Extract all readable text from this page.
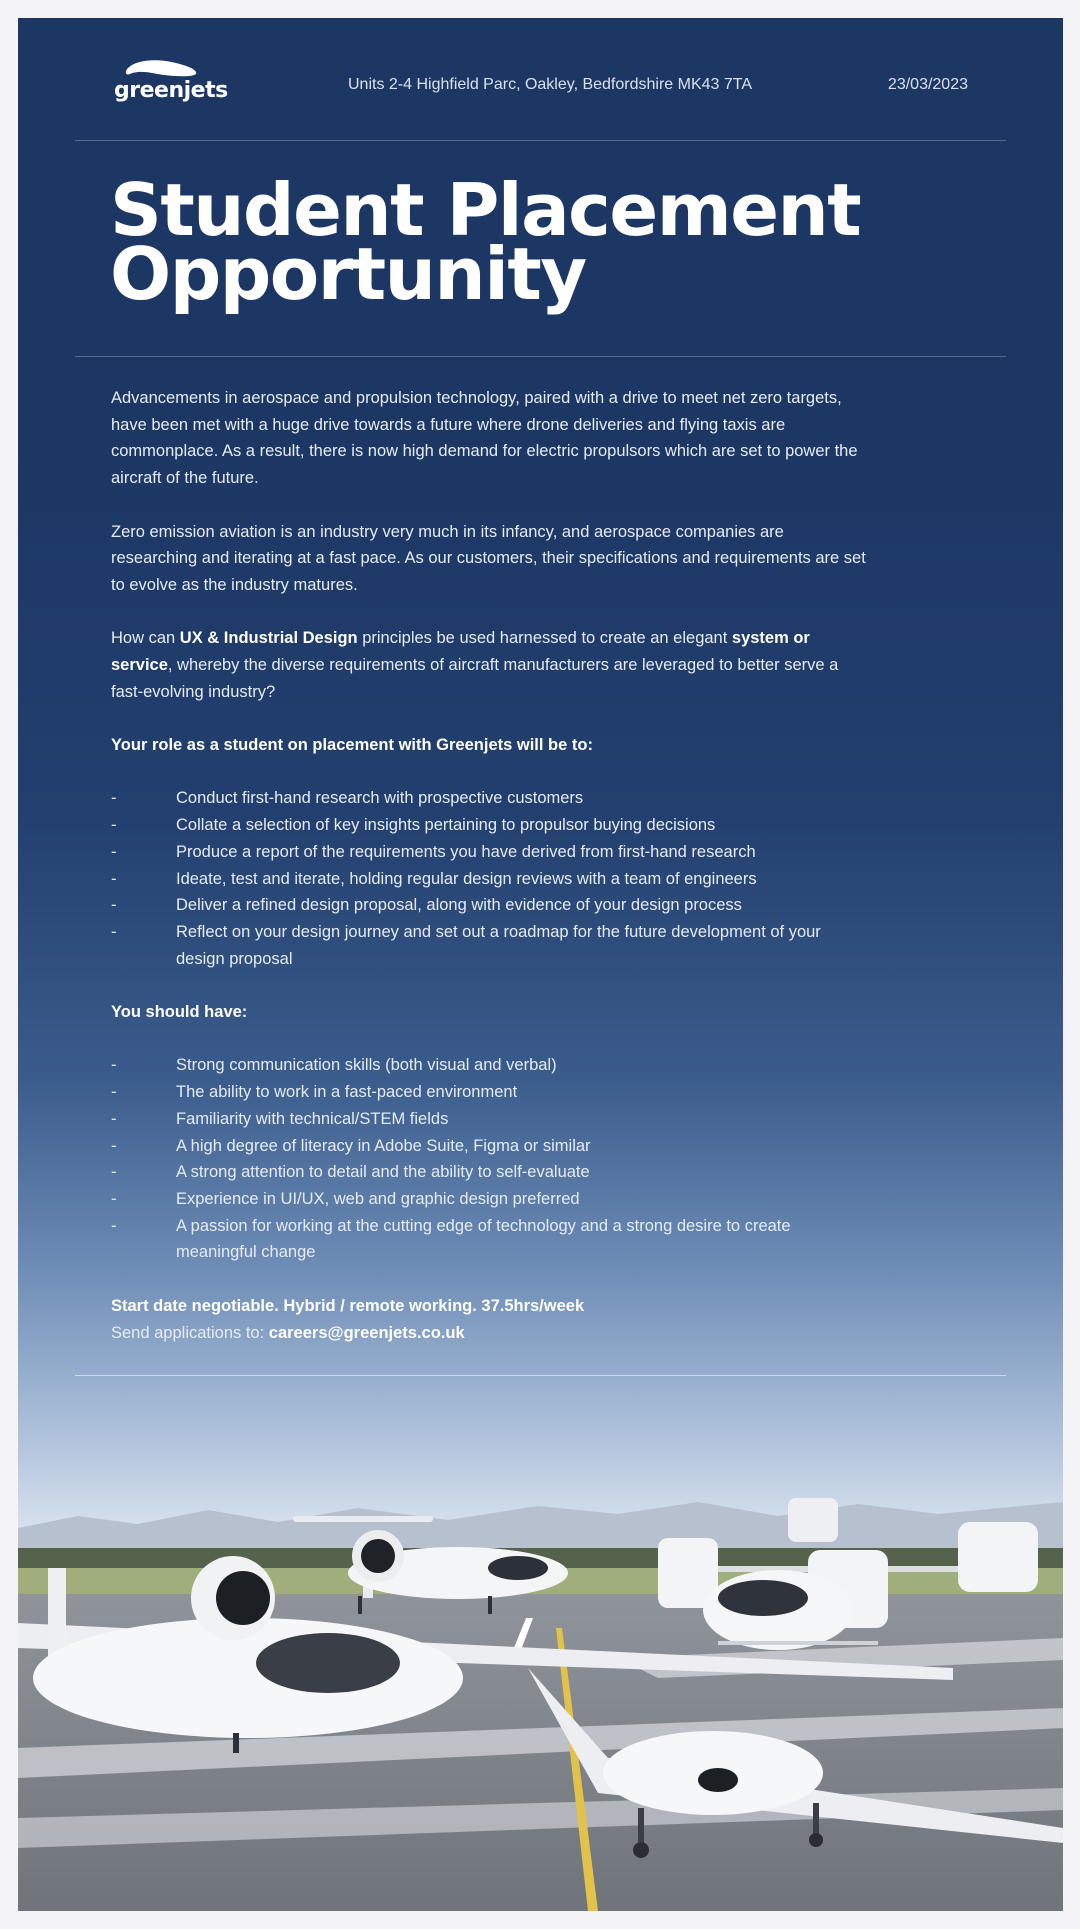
greenjets	Units 2-4 Highfield Parc, Oakley, Bedfordshire MK43 7TA	23/03/2023
Student Placement
Opportunity

Advancements in aerospace and propulsion technology, paired with a drive to meet net zero targets, have been met with a huge drive towards a future where drone deliveries and flying taxis are commonplace. As a result, there is now high demand for electric propulsors which are set to power the aircraft of the future.

Zero emission aviation is an industry very much in its infancy, and aerospace companies are researching and iterating at a fast pace. As our customers, their specifications and requirements are set to evolve as the industry matures.

How can UX & Industrial Design principles be used harnessed to create an elegant system or service, whereby the diverse requirements of aircraft manufacturers are leveraged to better serve a fast-evolving industry?

Your role as a student on placement with Greenjets will be to:

-	Conduct first-hand research with prospective customers
-	Collate a selection of key insights pertaining to propulsor buying decisions
-	Produce a report of the requirements you have derived from first-hand research
-	Ideate, test and iterate, holding regular design reviews with a team of engineers
-	Deliver a refined design proposal, along with evidence of your design process
-	Reflect on your design journey and set out a roadmap for the future development of your design proposal

You should have:

-	Strong communication skills (both visual and verbal)
-	The ability to work in a fast-paced environment
-	Familiarity with technical/STEM fields
-	A high degree of literacy in Adobe Suite, Figma or similar
-	A strong attention to detail and the ability to self-evaluate
-	Experience in UI/UX, web and graphic design preferred
-	A passion for working at the cutting edge of technology and a strong desire to create meaningful change
Start date negotiable. Hybrid / remote working. 37.5hrs/week
Send applications to: careers@greenjets.co.uk
